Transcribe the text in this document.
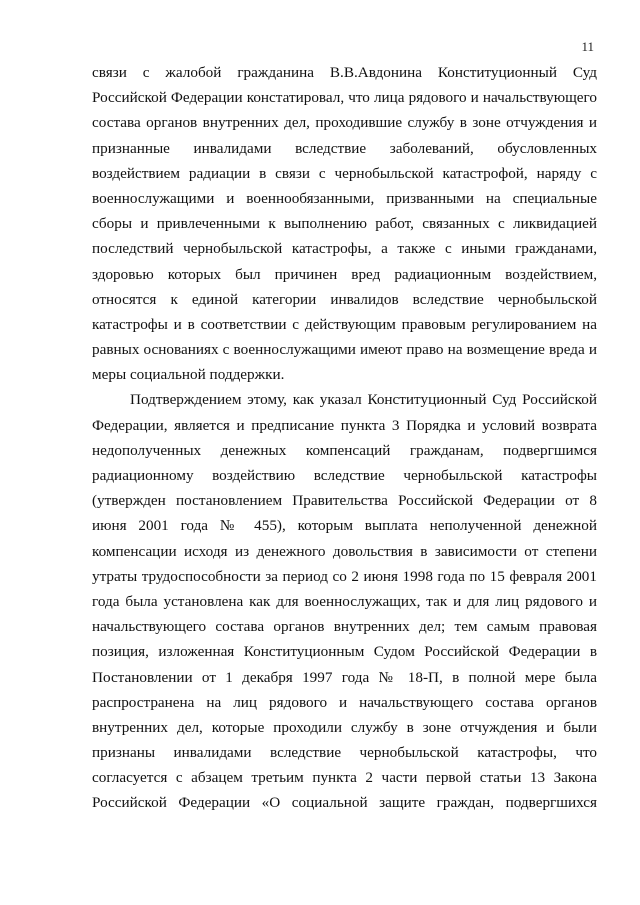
11
связи с жалобой гражданина В.В.Авдонина Конституционный Суд
Российской Федерации констатировал, что лица рядового и начальствующего
состава органов внутренних дел, проходившие службу в зоне отчуждения и
признанные инвалидами вследствие заболеваний, обусловленных
воздействием радиации в связи с чернобыльской катастрофой, наряду с
военнослужащими и военнообязанными, призванными на специальные
сборы и привлеченными к выполнению работ, связанных с ликвидацией
последствий чернобыльской катастрофы, а также с иными гражданами,
здоровью которых был причинен вред радиационным воздействием,
относятся к единой категории инвалидов вследствие чернобыльской
катастрофы и в соответствии с действующим правовым регулированием на
равных основаниях с военнослужащими имеют право на возмещение вреда и
меры социальной поддержки.
Подтверждением этому, как указал Конституционный Суд Российской
Федерации, является и предписание пункта 3 Порядка и условий возврата
недополученных денежных компенсаций гражданам, подвергшимся
радиационному воздействию вследствие чернобыльской катастрофы
(утвержден постановлением Правительства Российской Федерации от 8
июня 2001 года № 455), которым выплата неполученной денежной
компенсации исходя из денежного довольствия в зависимости от степени
утраты трудоспособности за период со 2 июня 1998 года по 15 февраля 2001
года была установлена как для военнослужащих, так и для лиц рядового и
начальствующего состава органов внутренних дел; тем самым правовая
позиция, изложенная Конституционным Судом Российской Федерации в
Постановлении от 1 декабря 1997 года № 18-П, в полной мере была
распространена на лиц рядового и начальствующего состава органов
внутренних дел, которые проходили службу в зоне отчуждения и были
признаны инвалидами вследствие чернобыльской катастрофы, что
согласуется с абзацем третьим пункта 2 части первой статьи 13 Закона
Российской Федерации «О социальной защите граждан, подвергшихся
